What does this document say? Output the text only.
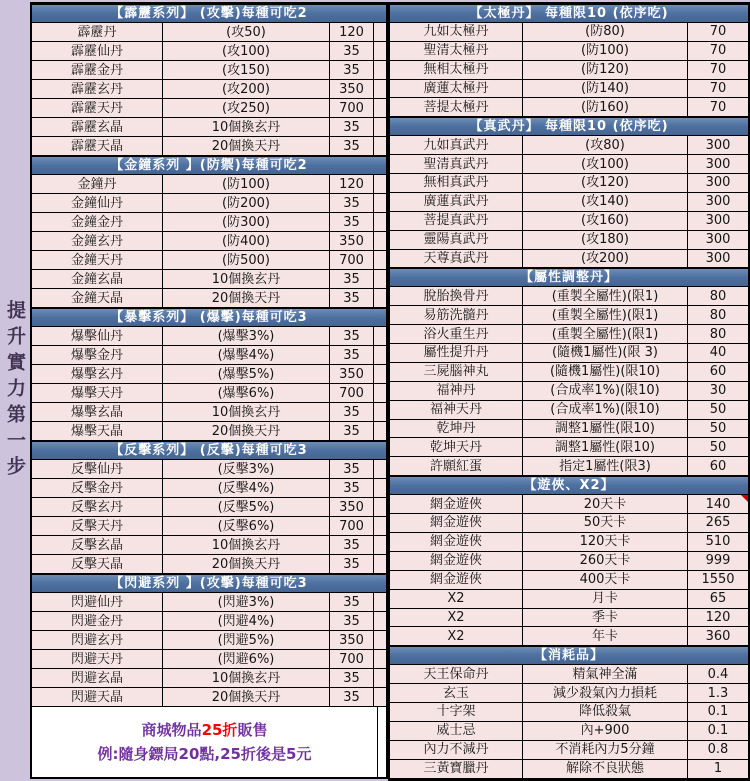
提升實力第一步
【霹靂系列】 (攻擊)每種可吃2
霹靂丹	(攻50)	120
霹靂仙丹	(攻100)	35
霹靂金丹	(攻150)	35
霹靂玄丹	(攻200)	350
霹靂天丹	(攻250)	700
霹靂玄晶	10個換玄丹	35
霹靂天晶	20個換天丹	35
【金鐘系列 】(防禦)每種可吃2
金鐘丹	(防100)	120
金鐘仙丹	(防200)	35
金鐘金丹	(防300)	35
金鐘玄丹	(防400)	350
金鐘天丹	(防500)	700
金鐘玄晶	10個換玄丹	35
金鐘天晶	20個換天丹	35
【暴擊系列】 (爆擊)每種可吃3
爆擊仙丹	(爆擊3%)	35
爆擊金丹	(爆擊4%)	35
爆擊玄丹	(爆擊5%)	350
爆擊天丹	(爆擊6%)	700
爆擊玄晶	10個換玄丹	35
爆擊天晶	20個換天丹	35
【反擊系列】 (反擊)每種可吃3
反擊仙丹	(反擊3%)	35
反擊金丹	(反擊4%)	35
反擊玄丹	(反擊5%)	350
反擊天丹	(反擊6%)	700
反擊玄晶	10個換玄丹	35
反擊天晶	20個換天丹	35
【閃避系列 】(攻擊)每種可吃3
閃避仙丹	(閃避3%)	35
閃避金丹	(閃避4%)	35
閃避玄丹	(閃避5%)	350
閃避天丹	(閃避6%)	700
閃避玄晶	10個換玄丹	35
閃避天晶	20個換天丹	35
商城物品25折販售
例:隨身鏢局20點,25折後是5元
【太極丹】 每種限10 (依序吃)
九如太極丹	(防80)	70
聖清太極丹	(防100)	70
無相太極丹	(防120)	70
廣蓮太極丹	(防140)	70
菩提太極丹	(防160)	70
【真武丹】 每種限10 (依序吃)
九如真武丹	(攻80)	300
聖清真武丹	(攻100)	300
無相真武丹	(攻120)	300
廣蓮真武丹	(攻140)	300
菩提真武丹	(攻160)	300
靈陽真武丹	(攻180)	300
天尊真武丹	(攻200)	300
【屬性調整丹】
脫胎換骨丹	(重製全屬性)(限1)	80
易筋洗髓丹	(重製全屬性)(限1)	80
浴火重生丹	(重製全屬性)(限1)	80
屬性提升丹	(隨機1屬性)(限 3)	40
三屍腦神丸	(隨機1屬性)(限10)	60
福神丹	(合成率1%)(限10)	30
福神天丹	(合成率1%)(限10)	50
乾坤丹	調整1屬性(限10)	50
乾坤天丹	調整1屬性(限10)	50
許願紅蛋	指定1屬性(限3)	60
【遊俠、X2】
網金遊俠	20天卡	140
網金遊俠	50天卡	265
網金遊俠	120天卡	510
網金遊俠	260天卡	999
網金遊俠	400天卡	1550
X2	月卡	65
X2	季卡	120
X2	年卡	360
【消耗品】
天王保命丹	精氣神全滿	0.4
玄玉	減少殺氣內力損耗	1.3
十字架	降低殺氣	0.1
威士忌	內+900	0.1
內力不減丹	不消耗內力5分鐘	0.8
三黃寶臘丹	解除不良狀態	1
